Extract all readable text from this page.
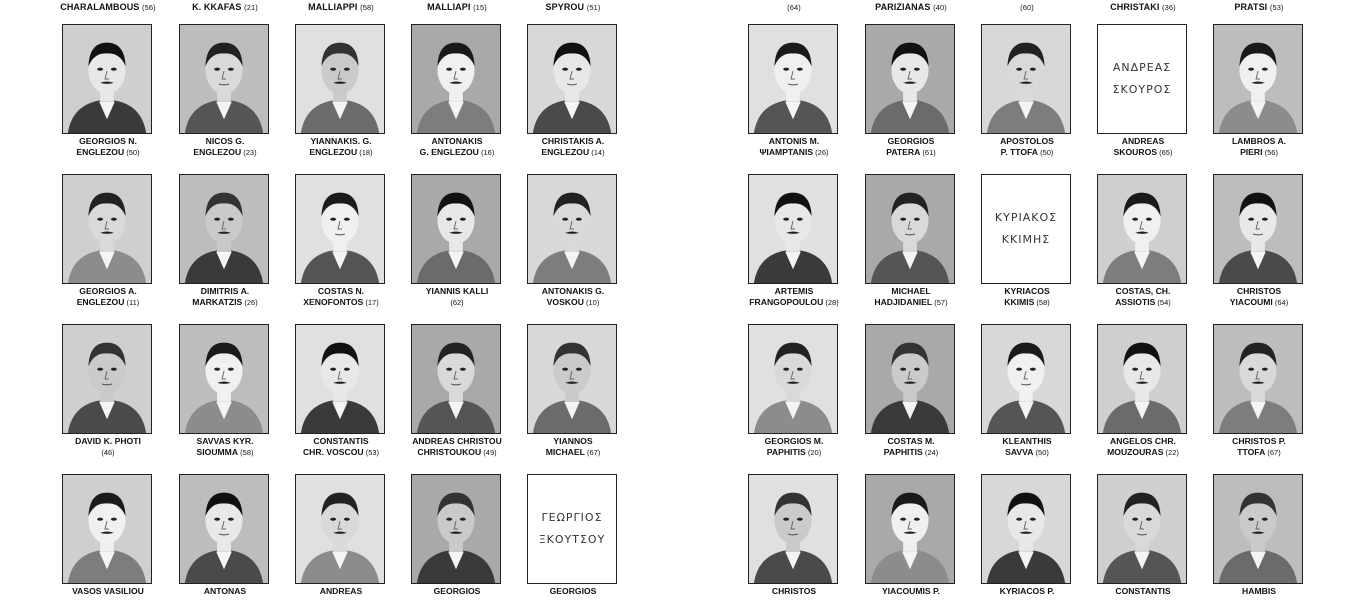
CHARALAMBOUS (56)	K. KKAFAS (21)	MALLIAPPI (58)	MALLIAPI (15)	SPYROU (51)
GEORGIOS N.
ENGLEZOU (50)
NICOS G.
ENGLEZOU (23)
YIANNAKIS. G.
ENGLEZOU (18)
ANTONAKIS
G. ENGLEZOU (16)
CHRISTAKIS A.
ENGLEZOU (14)
GEORGIOS A.
ENGLEZOU (11)
DIMITRIS A.
MARKATZIS (26)
COSTAS N.
XENOFONTOS (17)
YIANNIS KALLI
(62)
ANTONAKIS G.
VOSKOU (10)
DAVID K. PHOTI
(46)
SAVVAS KYR.
SIOUMMA (58)
CONSTANTIS
CHR. VOSCOU (53)
ANDREAS CHRISTOU
CHRISTOUKOU (49)
YIANNOS
MICHAEL (67)
VASOS VASILIOU	ANTONAS	ANDREAS	GEORGIOS
ΓΕΩΡΓΙΟΣ
ΞΚΟΥΤΣΟΥ
GEORGIOS
(64)	PARIZIANAS (40)	(60)	CHRISTAKI (36)	PRATSI (53)
ANTONIS M.
ΨIAMPTANIS (26)
GEORGIOS
PATERA (61)
APOSTOLOS
P. TTOFA (50)
ΑΝΔΡΕΑΣ
ΣΚΟΥΡΟΣ
ANDREAS
SKOUROS (65)
LAMBROS A.
PIERI (56)
ARTEMIS
FRANGOPOULOU (28)
MICHAEL
HADJIDANIEL (57)
ΚΥΡΙΑΚΟΣ
ΚΚΙΜΗΣ
KYRIACOS
KKIMIS (58)
COSTAS, CH.
ASSIOTIS (54)
CHRISTOS
YIACOUMI (64)
GEORGIOS M.
PAPHITIS (20)
COSTAS M.
PAPHITIS (24)
KLEANTHIS
SAVVA (50)
ANGELOS CHR.
MOUZOURAS (22)
CHRISTOS P.
TTOFA (67)
CHRISTOS	YIACOUMIS P.	KYRIACOS P.	CONSTANTIS	HAMBIS
